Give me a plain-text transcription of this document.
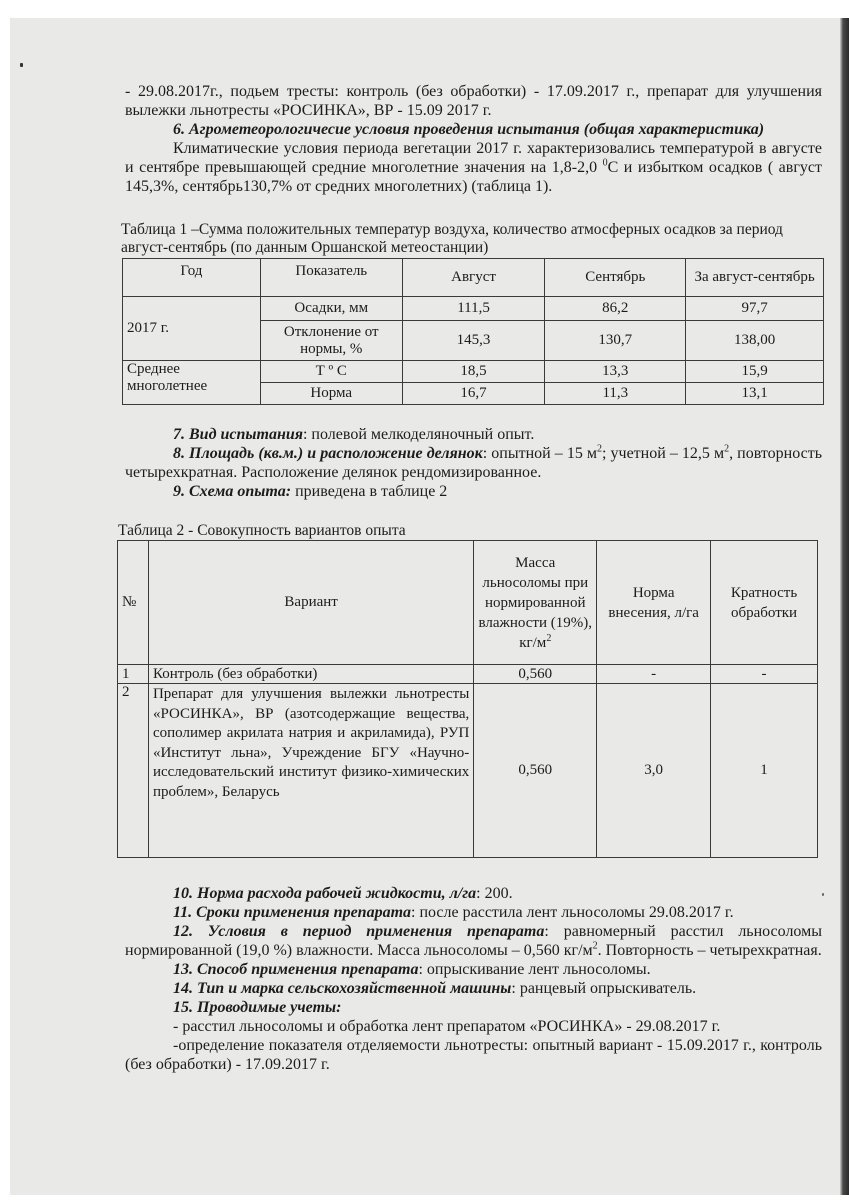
- 29.08.2017г., подьем тресты: контроль (без обработки) - 17.09.2017 г., препарат для улучшения вылежки льнотресты «РОСИНКА», ВР - 15.09 2017 г.

6. Агрометеорологичесие условия проведения испытания (общая характеристика)

Климатические условия периода вегетации 2017 г. характеризовались температурой в августе и сентябре превышающей средние многолетние значения на 1,8-2,0 $^0$С и избытком осадков ( август 145,3%, сентябрь130,7% от средних многолетних) (таблица 1).

Таблица 1 –Сумма положительных температур воздуха, количество атмосферных осадков за период август-сентябрь (по данным Оршанской метеостанции)
Год	Показатель	Август	Сентябрь	За август-сентябрь
2017 г.	Осадки, мм	111,5	86,2	97,7
	Отклонение от нормы, %	145,3	130,7	138,00
Среднее многолетнее	Т º С	18,5	13,3	15,9
	Норма	16,7	11,3	13,1

7. Вид испытания: полевой мелкоделяночный опыт.

8. Площадь (кв.м.) и расположение делянок: опытной – 15 $м^2$; учетной – 12,5 $м^2$, повторность четырехкратная. Расположение делянок рендомизированное.

9. Схема опыта: приведена в таблице 2

Таблица 2 - Совокупность вариантов опыта
№	Вариант	Масса льносоломы при нормированной влажности (19%), $кг/м^2$	Норма внесения, л/га	Кратность обработки
1	Контроль (без обработки)	0,560	-	-
2	Препарат для улучшения вылежки льнотресты «РОСИНКА», ВР (азотсодержащие вещества, сополимер акрилата натрия и акриламида), РУП «Институт льна», Учреждение БГУ «Научно-исследовательский институт физико-химических проблем», Беларусь	0,560	3,0	1

10. Норма расхода рабочей жидкости, л/га: 200.

11. Сроки применения препарата: после расстила лент льносоломы 29.08.2017 г.

12. Условия в период применения препарата: равномерный расстил льносоломы нормированной (19,0 %) влажности. Масса льносоломы – 0,560 $кг/м^2$. Повторность – четырехкратная.

13. Способ применения препарата: опрыскивание лент льносоломы.

14. Тип и марка сельскохозяйственной машины: ранцевый опрыскиватель.

15. Проводимые учеты:

- расстил льносоломы и обработка лент препаратом «РОСИНКА» - 29.08.2017 г.

-определение показателя отделяемости льнотресты: опытный вариант - 15.09.2017 г., контроль (без обработки) - 17.09.2017 г.
